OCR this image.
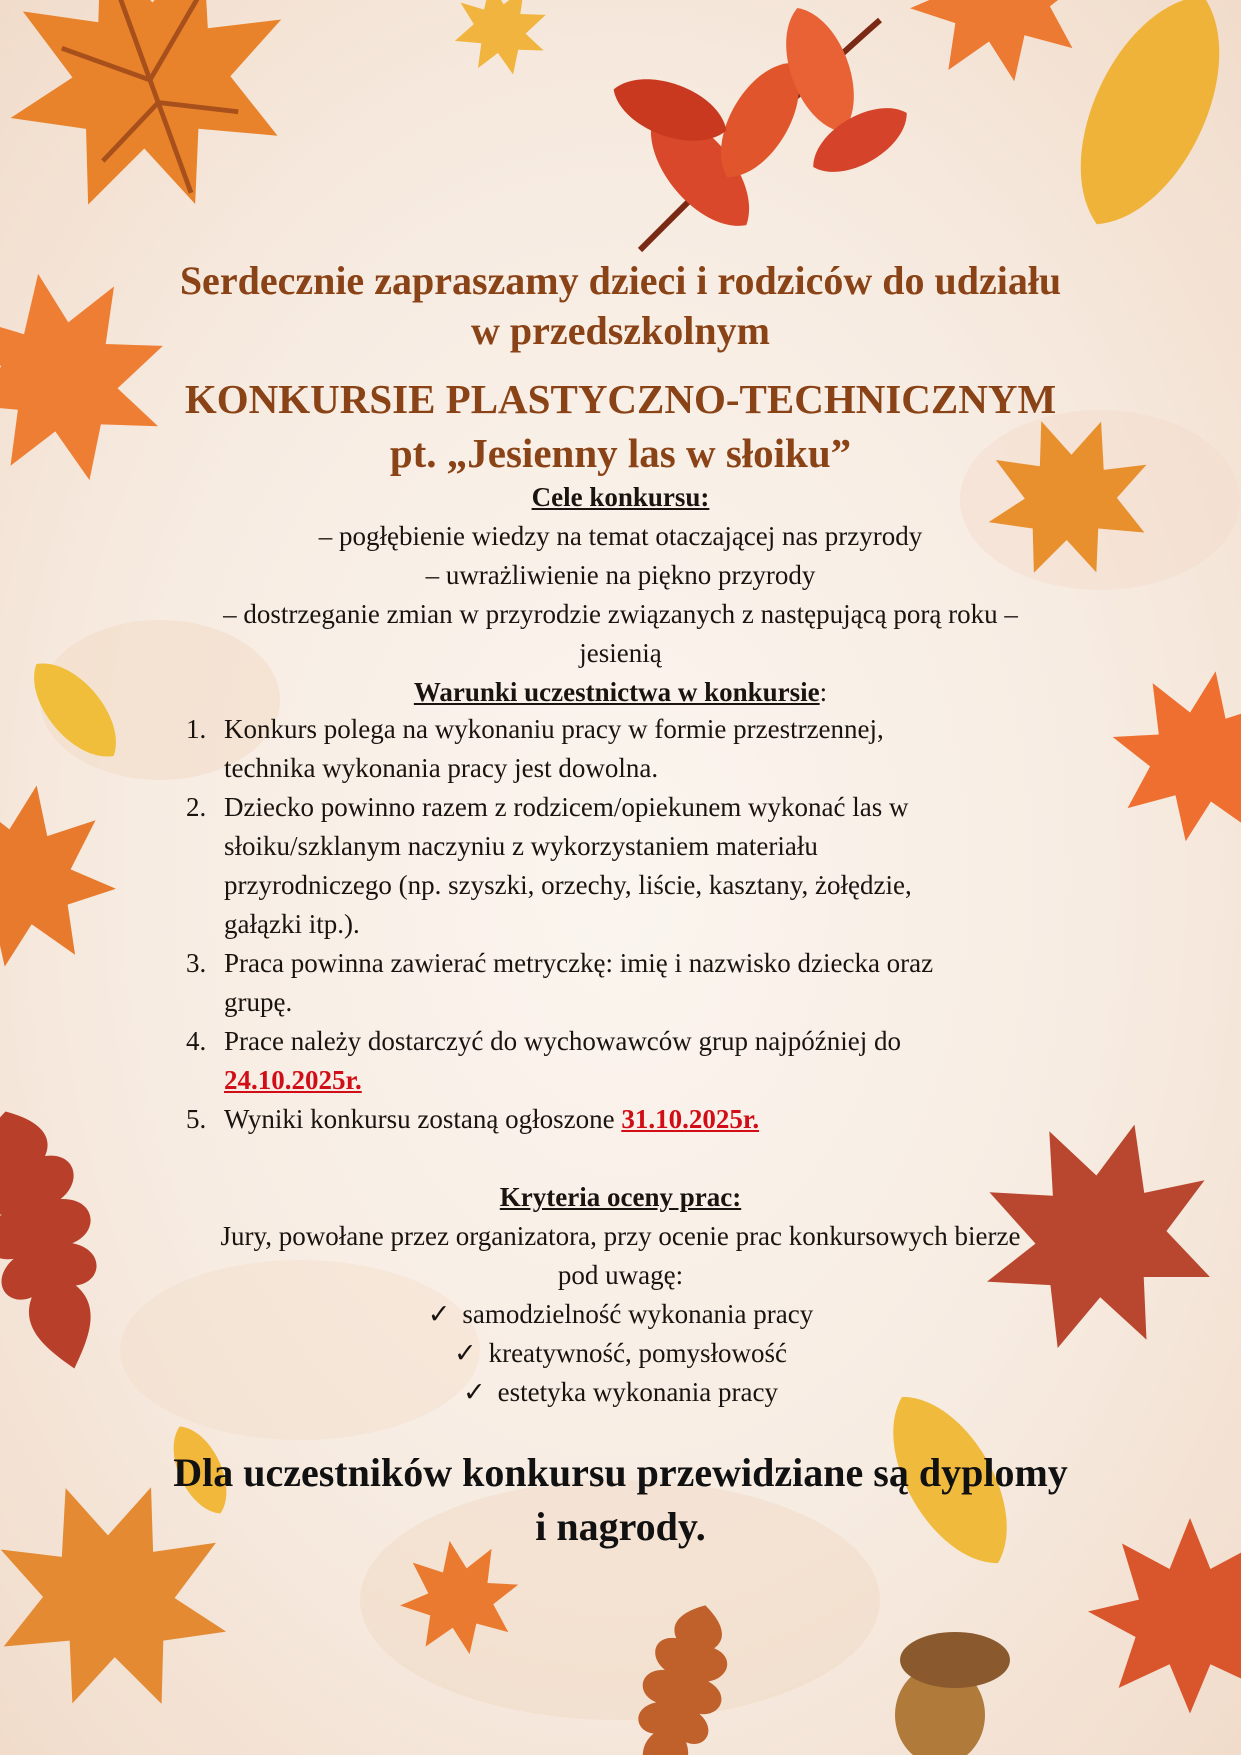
Serdecznie zapraszamy dzieci i rodziców do udziału

w przedszkolnym

KONKURSIE PLASTYCZNO-TECHNICZNYM

pt. „Jesienny las w słoiku”

Cele konkursu:

– pogłębienie wiedzy na temat otaczającej nas przyrody

– uwrażliwienie na piękno przyrody

– dostrzeganie zmian w przyrodzie związanych z następującą porą roku –

jesienią

Warunki uczestnictwa w konkursie:

1. Konkurs polega na wykonaniu pracy w formie przestrzennej,
technika wykonania pracy jest dowolna.
2. Dziecko powinno razem z rodzicem/opiekunem wykonać las w
słoiku/szklanym naczyniu z wykorzystaniem materiału
przyrodniczego (np. szyszki, orzechy, liście, kasztany, żołędzie,
gałązki itp.).
3. Praca powinna zawierać metryczkę: imię i nazwisko dziecka oraz
grupę.
4. Prace należy dostarczyć do wychowawców grup najpóźniej do
24.10.2025r.
5. Wyniki konkursu zostaną ogłoszone 31.10.2025r.

Kryteria oceny prac:

Jury, powołane przez organizatora, przy ocenie prac konkursowych bierze

pod uwagę:

✓ samodzielność wykonania pracy
✓ kreatywność, pomysłowość
✓ estetyka wykonania pracy

Dla uczestników konkursu przewidziane są dyplomy

i nagrody.
